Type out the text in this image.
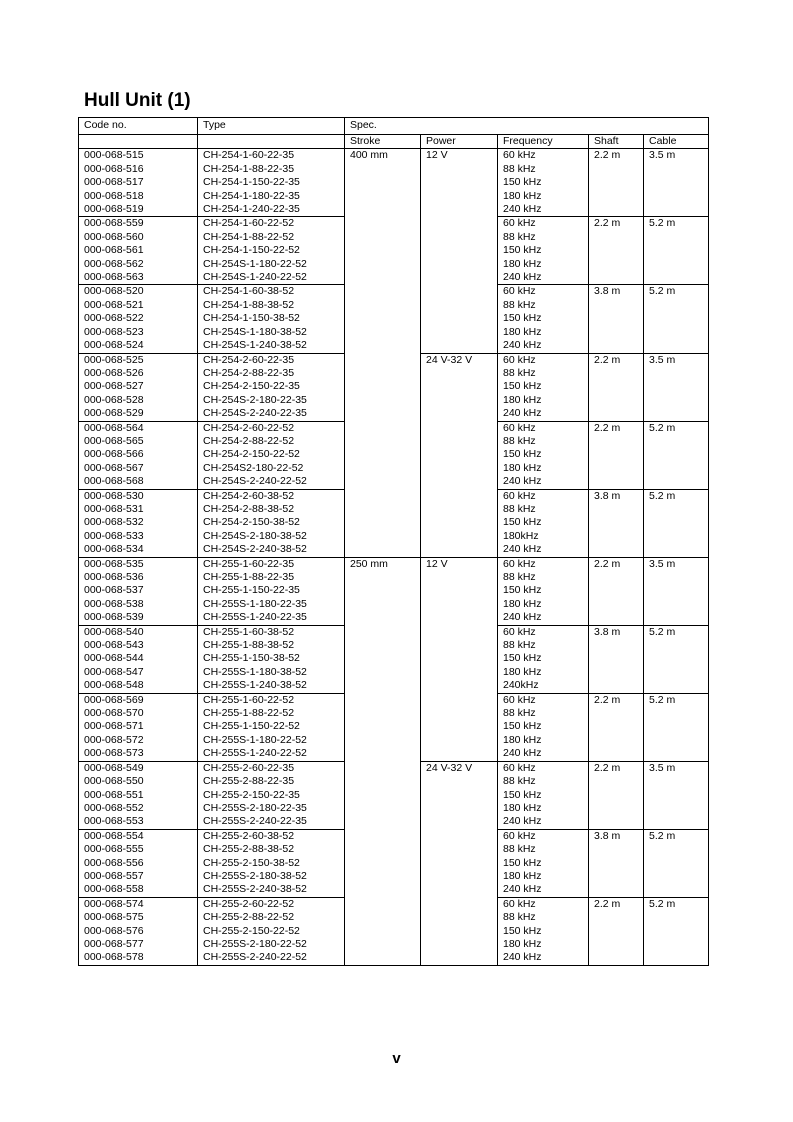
Hull Unit (1)
Code no.	Type	Spec.				
		Stroke	Power	Frequency	Shaft	Cable
000-068-515	CH-254-1-60-22-35	400 mm	12 V	60 kHz	2.2 m	3.5 m
000-068-516	CH-254-1-88-22-35			88 kHz		
000-068-517	CH-254-1-150-22-35			150 kHz		
000-068-518	CH-254-1-180-22-35			180 kHz		
000-068-519	CH-254-1-240-22-35			240 kHz		
000-068-559	CH-254-1-60-22-52			60 kHz	2.2 m	5.2 m
000-068-560	CH-254-1-88-22-52			88 kHz		
000-068-561	CH-254-1-150-22-52			150 kHz		
000-068-562	CH-254S-1-180-22-52			180 kHz		
000-068-563	CH-254S-1-240-22-52			240 kHz		
000-068-520	CH-254-1-60-38-52			60 kHz	3.8 m	5.2 m
000-068-521	CH-254-1-88-38-52			88 kHz		
000-068-522	CH-254-1-150-38-52			150 kHz		
000-068-523	CH-254S-1-180-38-52			180 kHz		
000-068-524	CH-254S-1-240-38-52			240 kHz		
000-068-525	CH-254-2-60-22-35		24 V-32 V	60 kHz	2.2 m	3.5 m
000-068-526	CH-254-2-88-22-35			88 kHz		
000-068-527	CH-254-2-150-22-35			150 kHz		
000-068-528	CH-254S-2-180-22-35			180 kHz		
000-068-529	CH-254S-2-240-22-35			240 kHz		
000-068-564	CH-254-2-60-22-52			60 kHz	2.2 m	5.2 m
000-068-565	CH-254-2-88-22-52			88 kHz		
000-068-566	CH-254-2-150-22-52			150 kHz		
000-068-567	CH-254S2-180-22-52			180 kHz		
000-068-568	CH-254S-2-240-22-52			240 kHz		
000-068-530	CH-254-2-60-38-52			60 kHz	3.8 m	5.2 m
000-068-531	CH-254-2-88-38-52			88 kHz		
000-068-532	CH-254-2-150-38-52			150 kHz		
000-068-533	CH-254S-2-180-38-52			180kHz		
000-068-534	CH-254S-2-240-38-52			240 kHz		
000-068-535	CH-255-1-60-22-35	250 mm	12 V	60 kHz	2.2 m	3.5 m
000-068-536	CH-255-1-88-22-35			88 kHz		
000-068-537	CH-255-1-150-22-35			150 kHz		
000-068-538	CH-255S-1-180-22-35			180 kHz		
000-068-539	CH-255S-1-240-22-35			240 kHz		
000-068-540	CH-255-1-60-38-52			60 kHz	3.8 m	5.2 m
000-068-543	CH-255-1-88-38-52			88 kHz		
000-068-544	CH-255-1-150-38-52			150 kHz		
000-068-547	CH-255S-1-180-38-52			180 kHz		
000-068-548	CH-255S-1-240-38-52			240kHz		
000-068-569	CH-255-1-60-22-52			60 kHz	2.2 m	5.2 m
000-068-570	CH-255-1-88-22-52			88 kHz		
000-068-571	CH-255-1-150-22-52			150 kHz		
000-068-572	CH-255S-1-180-22-52			180 kHz		
000-068-573	CH-255S-1-240-22-52			240 kHz		
000-068-549	CH-255-2-60-22-35		24 V-32 V	60 kHz	2.2 m	3.5 m
000-068-550	CH-255-2-88-22-35			88 kHz		
000-068-551	CH-255-2-150-22-35			150 kHz		
000-068-552	CH-255S-2-180-22-35			180 kHz		
000-068-553	CH-255S-2-240-22-35			240 kHz		
000-068-554	CH-255-2-60-38-52			60 kHz	3.8 m	5.2 m
000-068-555	CH-255-2-88-38-52			88 kHz		
000-068-556	CH-255-2-150-38-52			150 kHz		
000-068-557	CH-255S-2-180-38-52			180 kHz		
000-068-558	CH-255S-2-240-38-52			240 kHz		
000-068-574	CH-255-2-60-22-52			60 kHz	2.2 m	5.2 m
000-068-575	CH-255-2-88-22-52			88 kHz		
000-068-576	CH-255-2-150-22-52			150 kHz		
000-068-577	CH-255S-2-180-22-52			180 kHz		
000-068-578	CH-255S-2-240-22-52			240 kHz		
v
